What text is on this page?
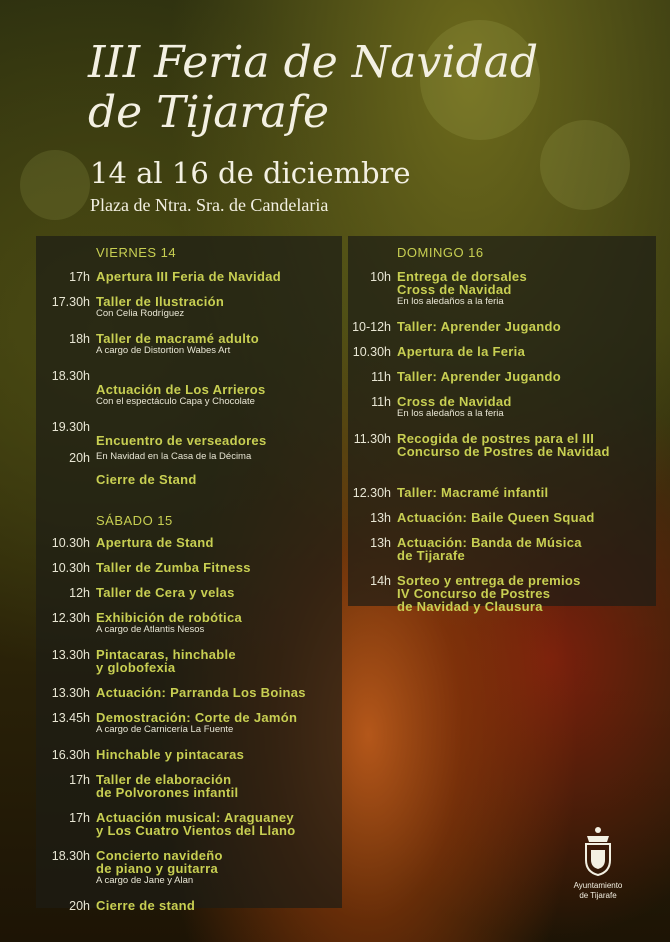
III Feria de Navidad
de Tijarafe
14 al 16 de diciembre
Plaza de Ntra. Sra. de Candelaria
VIERNES 14
17h Apertura III Feria de Navidad
17.30h Taller de Ilustración
Con Celia Rodríguez
18h Taller de macramé adulto
A cargo de Distortion Wabes Art
18.30h
Actuación de Los Arrieros
Con el espectáculo Capa y Chocolate
19.30h
Encuentro de verseadores
20h En Navidad en la Casa de la Décima
Cierre de Stand
SÁBADO 15
10.30h Apertura de Stand
10.30h Taller de Zumba Fitness
12h Taller de Cera y velas
12.30h Exhibición de robótica
A cargo de Atlantis Nesos
13.30h Pintacaras, hinchable
y globofexia
13.30h Actuación: Parranda Los Boinas
13.45h Demostración: Corte de Jamón
A cargo de Carnicería La Fuente
16.30h Hinchable y pintacaras
17h Taller de elaboración
de Polvorones infantil
17h Actuación musical: Araguaney
y Los Cuatro Vientos del Llano
18.30h Concierto navideño
de piano y guitarra
A cargo de Jane y Alan
20h Cierre de stand
DOMINGO 16
10h Entrega de dorsales
Cross de Navidad
En los aledaños a la feria
10-12h Taller: Aprender Jugando
10.30h Apertura de la Feria
11h Taller: Aprender Jugando
11h Cross de Navidad
En los aledaños a la feria
11.30h Recogida de postres para el III
Concurso de Postres de Navidad
12.30h Taller: Macramé infantil
13h Actuación: Baile Queen Squad
13h Actuación: Banda de Música
de Tijarafe
14h Sorteo y entrega de premios
IV Concurso de Postres
de Navidad y Clausura
Ayuntamiento
de Tijarafe
